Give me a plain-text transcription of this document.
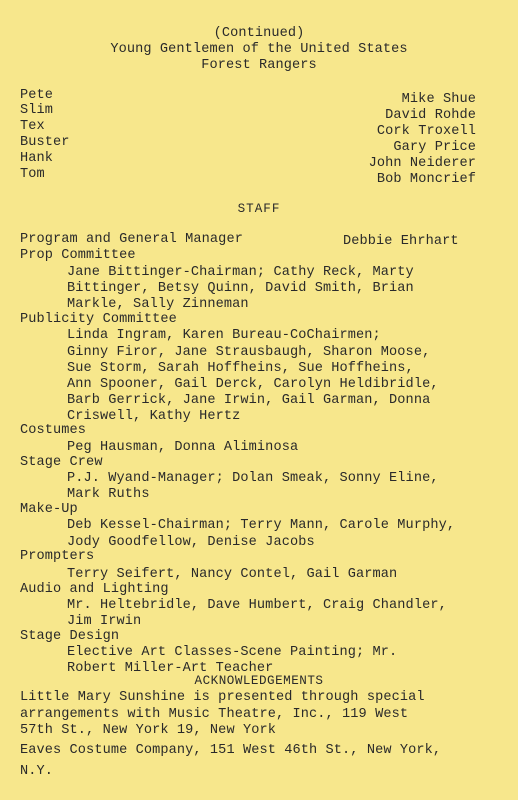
(Continued)
Young Gentlemen of the United States
Forest Rangers
Pete	Mike Shue
Slim	David Rohde
Tex	Cork Troxell
Buster	Gary Price
Hank	John Neiderer
Tom	Bob Moncrief
STAFF
Program and General Manager	Debbie Ehrhart
Prop Committee
Jane Bittinger-Chairman; Cathy Reck, Marty
Bittinger, Betsy Quinn, David Smith, Brian
Markle, Sally Zinneman
Publicity Committee
Linda Ingram, Karen Bureau-CoChairmen;
Ginny Firor, Jane Strausbaugh, Sharon Moose,
Sue Storm, Sarah Hoffheins, Sue Hoffheins,
Ann Spooner, Gail Derck, Carolyn Heldibridle,
Barb Gerrick, Jane Irwin, Gail Garman, Donna
Criswell, Kathy Hertz
Costumes
Peg Hausman, Donna Aliminosa
Stage Crew
P.J. Wyand-Manager; Dolan Smeak, Sonny Eline,
Mark Ruths
Make-Up
Deb Kessel-Chairman; Terry Mann, Carole Murphy,
Jody Goodfellow, Denise Jacobs
Prompters
Terry Seifert, Nancy Contel, Gail Garman
Audio and Lighting
Mr. Heltebridle, Dave Humbert, Craig Chandler,
Jim Irwin
Stage Design
Elective Art Classes-Scene Painting; Mr.
Robert Miller-Art Teacher
ACKNOWLEDGEMENTS
Little Mary Sunshine is presented through special
arrangements with Music Theatre, Inc., 119 West
57th St., New York 19, New York
Eaves Costume Company, 151 West 46th St., New York,
N.Y.
